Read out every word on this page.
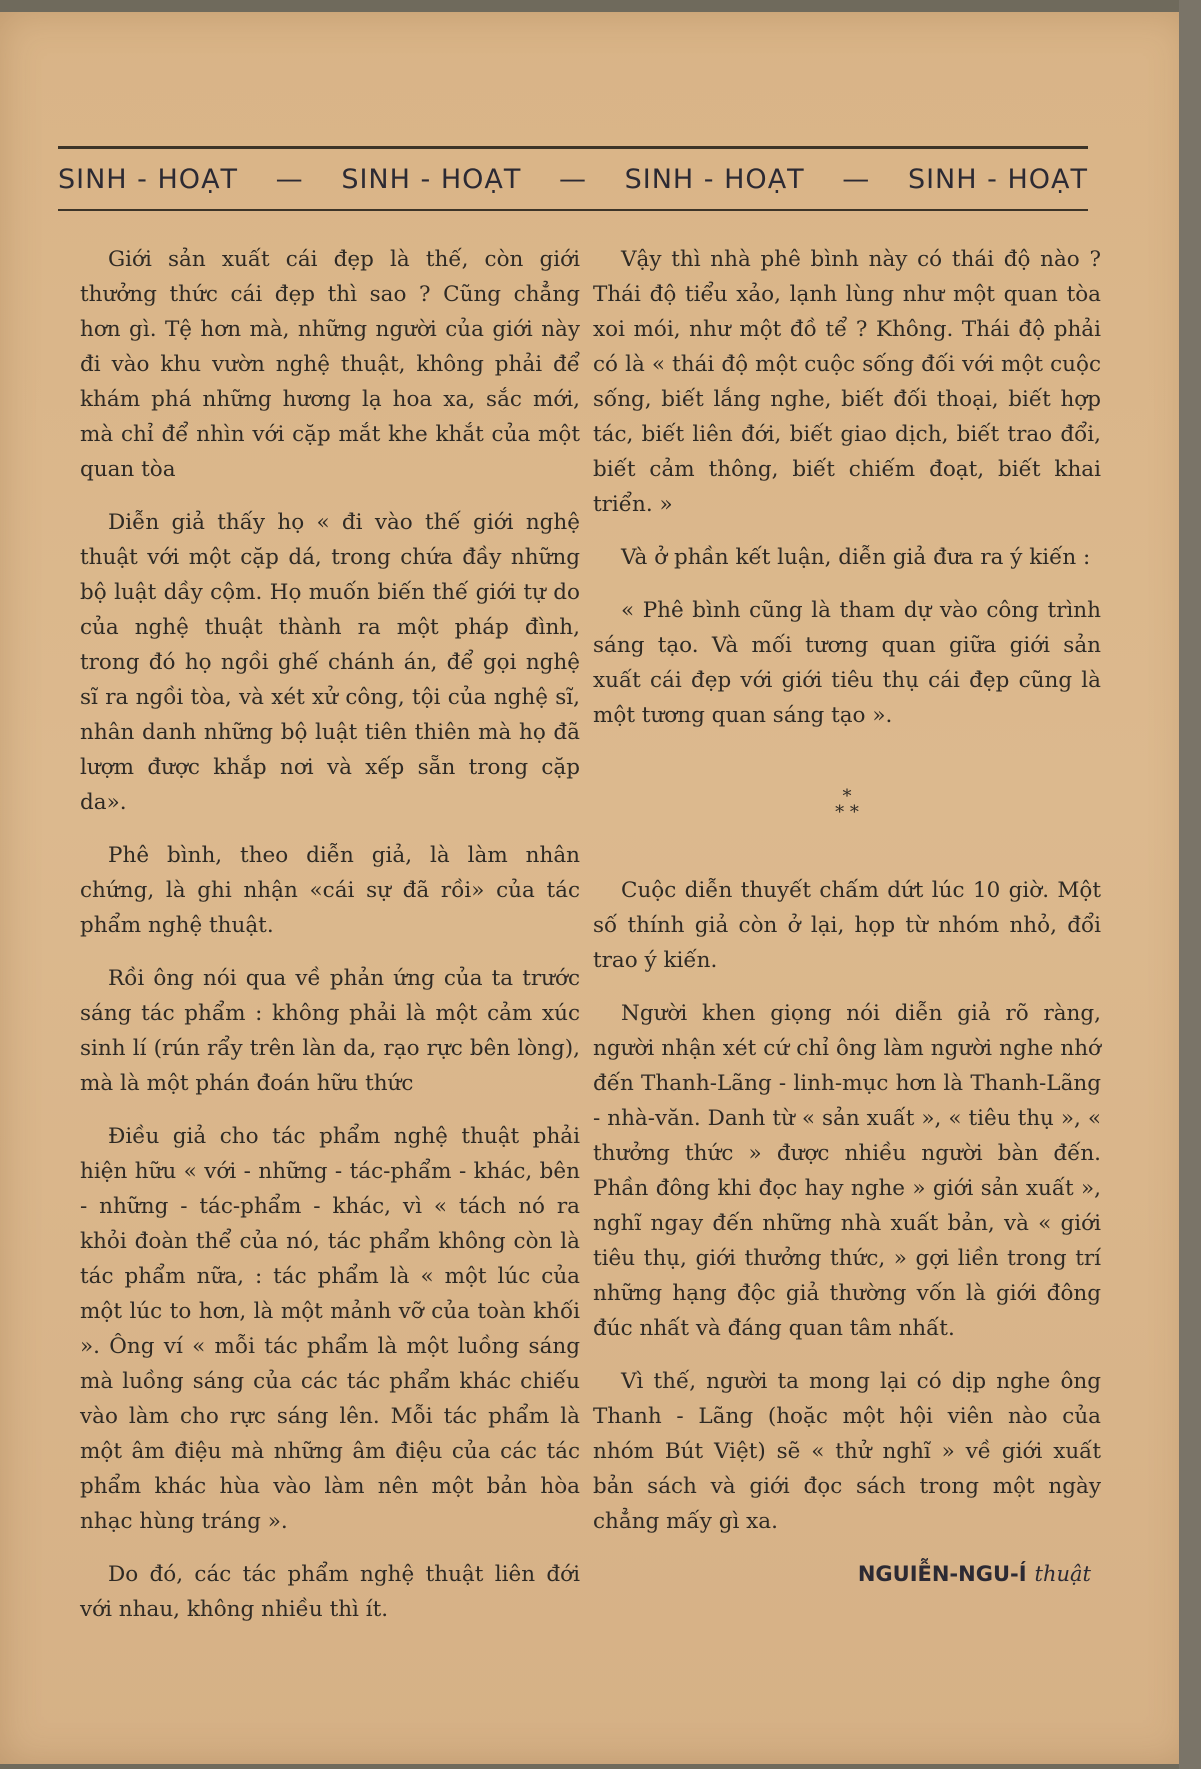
SINH - HOẠT — SINH - HOẠT — SINH - HOẠT — SINH - HOẠT

Giới sản xuất cái đẹp là thế, còn giới thưởng thức cái đẹp thì sao ? Cũng chẳng hơn gì. Tệ hơn mà, những người của giới này đi vào khu vườn nghệ thuật, không phải để khám phá những hương lạ hoa xa, sắc mới, mà chỉ để nhìn với cặp mắt khe khắt của một quan tòa

Diễn giả thấy họ « đi vào thế giới nghệ thuật với một cặp dá, trong chứa đầy những bộ luật dầy cộm. Họ muốn biến thế giới tự do của nghệ thuật thành ra một pháp đình, trong đó họ ngồi ghế chánh án, để gọi nghệ sĩ ra ngồi tòa, và xét xử công, tội của nghệ sĩ, nhân danh những bộ luật tiên thiên mà họ đã lượm được khắp nơi và xếp sẵn trong cặp da».

Phê bình, theo diễn giả, là làm nhân chứng, là ghi nhận «cái sự đã rồi» của tác phẩm nghệ thuật.

Rồi ông nói qua về phản ứng của ta trước sáng tác phẩm : không phải là một cảm xúc sinh lí (rún rẩy trên làn da, rạo rực bên lòng), mà là một phán đoán hữu thức

Điều giả cho tác phẩm nghệ thuật phải hiện hữu « với - những - tác-phẩm - khác, bên - những - tác-phẩm - khác, vì « tách nó ra khỏi đoàn thể của nó, tác phẩm không còn là tác phẩm nữa, : tác phẩm là « một lúc của một lúc to hơn, là một mảnh vỡ của toàn khối ». Ông ví « mỗi tác phẩm là một luồng sáng mà luồng sáng của các tác phẩm khác chiếu vào làm cho rực sáng lên. Mỗi tác phẩm là một âm điệu mà những âm điệu của các tác phẩm khác hùa vào làm nên một bản hòa nhạc hùng tráng ».

Do đó, các tác phẩm nghệ thuật liên đới với nhau, không nhiều thì ít.

Vậy thì nhà phê bình này có thái độ nào ? Thái độ tiểu xảo, lạnh lùng như một quan tòa xoi mói, như một đồ tể ? Không. Thái độ phải có là « thái độ một cuộc sống đối với một cuộc sống, biết lắng nghe, biết đối thoại, biết hợp tác, biết liên đới, biết giao dịch, biết trao đổi, biết cảm thông, biết chiếm đoạt, biết khai triển. »

Và ở phần kết luận, diễn giả đưa ra ý kiến :

« Phê bình cũng là tham dự vào công trình sáng tạo. Và mối tương quan giữa giới sản xuất cái đẹp với giới tiêu thụ cái đẹp cũng là một tương quan sáng tạo ».

*
* *

Cuộc diễn thuyết chấm dứt lúc 10 giờ. Một số thính giả còn ở lại, họp từ nhóm nhỏ, đổi trao ý kiến.

Người khen giọng nói diễn giả rõ ràng, người nhận xét cứ chỉ ông làm người nghe nhớ đến Thanh-Lãng - linh-mục hơn là Thanh-Lãng - nhà-văn. Danh từ « sản xuất », « tiêu thụ », « thưởng thức » được nhiều người bàn đến. Phần đông khi đọc hay nghe » giới sản xuất », nghĩ ngay đến những nhà xuất bản, và « giới tiêu thụ, giới thưởng thức, » gợi liền trong trí những hạng độc giả thường vốn là giới đông đúc nhất và đáng quan tâm nhất.

Vì thế, người ta mong lại có dịp nghe ông Thanh - Lãng (hoặc một hội viên nào của nhóm Bút Việt) sẽ « thử nghĩ » về giới xuất bản sách và giới đọc sách trong một ngày chẳng mấy gì xa.

NGUIỄN-NGU-Í thuật
